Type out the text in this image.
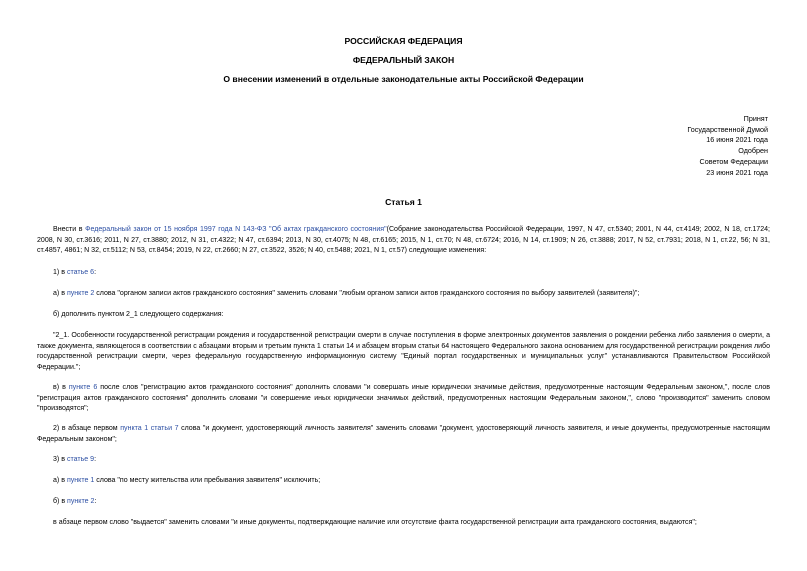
РОССИЙСКАЯ ФЕДЕРАЦИЯ
ФЕДЕРАЛЬНЫЙ ЗАКОН
О внесении изменений в отдельные законодательные акты Российской Федерации
Принят
Государственной Думой
16 июня 2021 года
Одобрен
Советом Федерации
23 июня 2021 года
Статья 1
Внести в Федеральный закон от 15 ноября 1997 года N 143-ФЗ "Об актах гражданского состояния"(Собрание законодательства Российской Федерации, 1997, N 47, ст.5340; 2001, N 44, ст.4149; 2002, N 18, ст.1724; 2008, N 30, ст.3616; 2011, N 27, ст.3880; 2012, N 31, ст.4322; N 47, ст.6394; 2013, N 30, ст.4075; N 48, ст.6165; 2015, N 1, ст.70; N 48, ст.6724; 2016, N 14, ст.1909; N 26, ст.3888; 2017, N 52, ст.7931; 2018, N 1, ст.22, 56; N 31, ст.4857, 4861; N 32, ст.5112; N 53, ст.8454; 2019, N 22, ст.2660; N 27, ст.3522, 3526; N 40, ст.5488; 2021, N 1, ст.57) следующие изменения:
1) в статье 6:
а) в пункте 2 слова "органом записи актов гражданского состояния" заменить словами "любым органом записи актов гражданского состояния по выбору заявителей (заявителя)";
б) дополнить пунктом 2_1 следующего содержания:
"2_1. Особенности государственной регистрации рождения и государственной регистрации смерти в случае поступления в форме электронных документов заявления о рождении ребенка либо заявления о смерти, а также документа, являющегося в соответствии с абзацами вторым и третьим пункта 1 статьи 14 и абзацем вторым статьи 64 настоящего Федерального закона основанием для государственной регистрации рождения либо государственной регистрации смерти, через федеральную государственную информационную систему "Единый портал государственных и муниципальных услуг" устанавливаются Правительством Российской Федерации.";
в) в пункте 6 после слов "регистрацию актов гражданского состояния" дополнить словами "и совершать иные юридически значимые действия, предусмотренные настоящим Федеральным законом,", после слов "регистрация актов гражданского состояния" дополнить словами "и совершение иных юридически значимых действий, предусмотренных настоящим Федеральным законом,", слово "производится" заменить словом "производятся";
2) в абзаце первом пункта 1 статьи 7 слова "и документ, удостоверяющий личность заявителя" заменить словами "документ, удостоверяющий личность заявителя, и иные документы, предусмотренные настоящим Федеральным законом";
3) в статье 9:
а) в пункте 1 слова "по месту жительства или пребывания заявителя" исключить;
б) в пункте 2:
в абзаце первом слово "выдается" заменить словами "и иные документы, подтверждающие наличие или отсутствие факта государственной регистрации акта гражданского состояния, выдаются";
